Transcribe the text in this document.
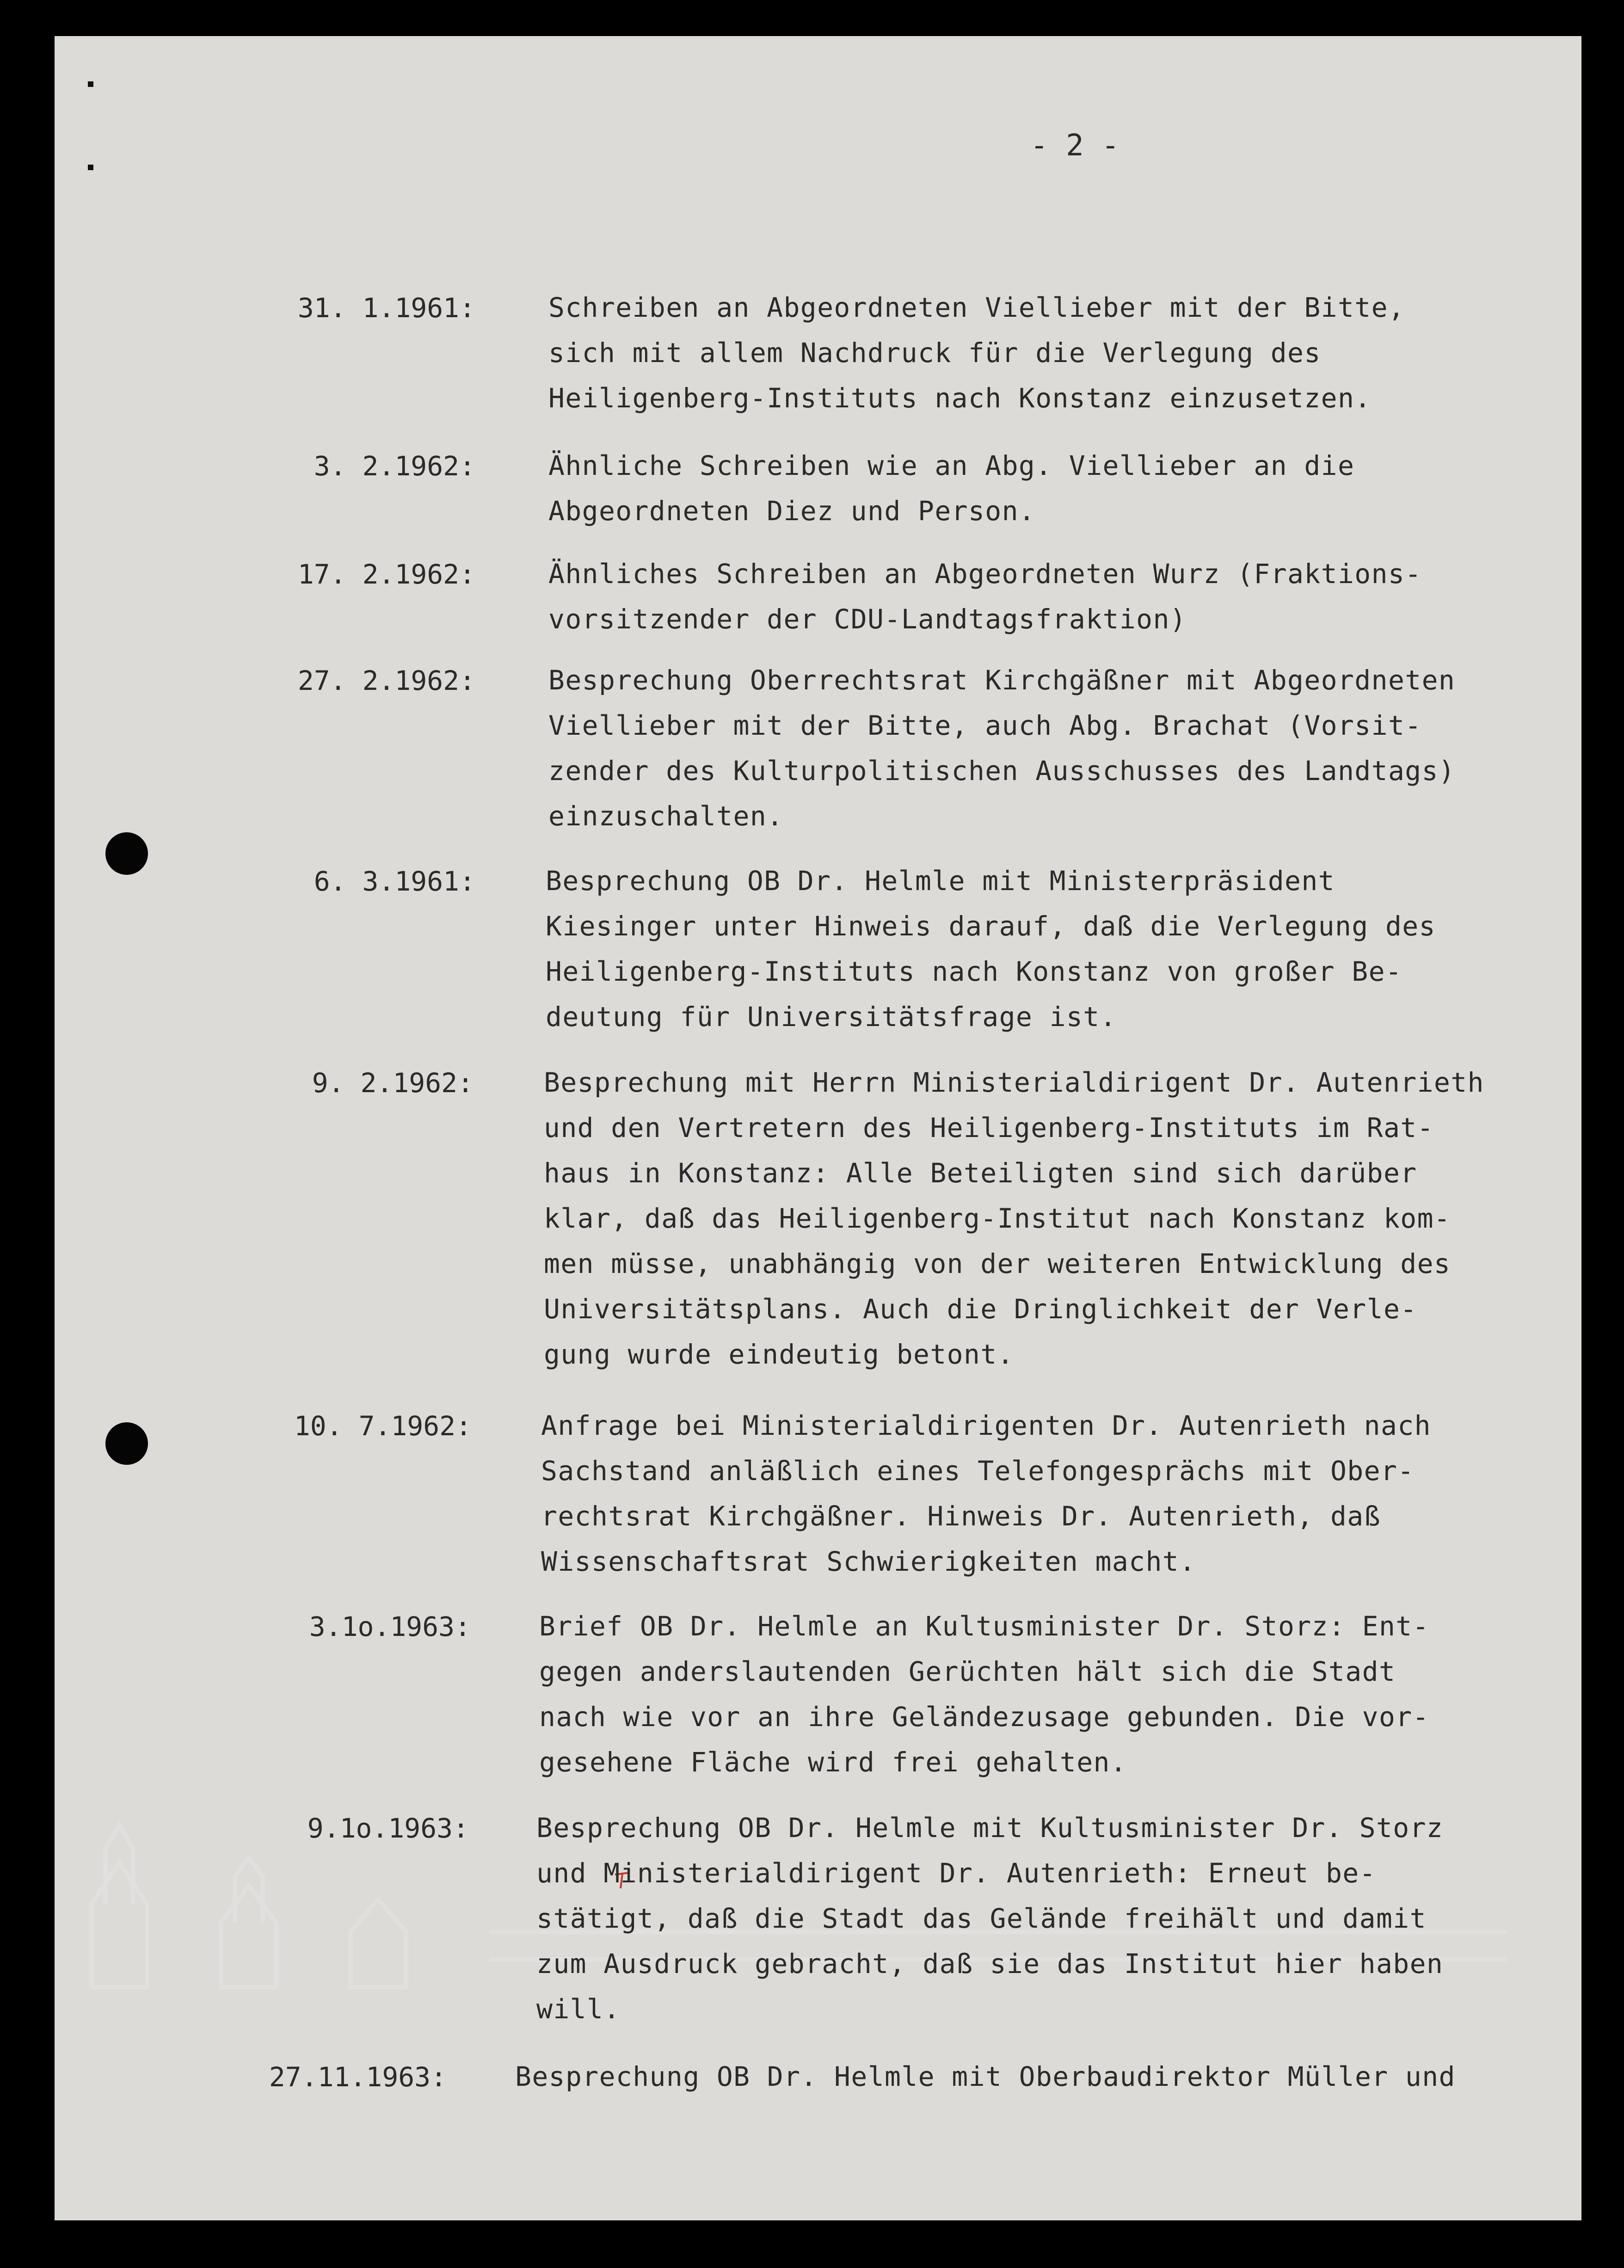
- 2 -
31. 1.1961:	Schreiben an Abgeordneten Viellieber mit der Bitte,
sich mit allem Nachdruck für die Verlegung des
Heiligenberg-Instituts nach Konstanz einzusetzen.
3. 2.1962:	Ähnliche Schreiben wie an Abg. Viellieber an die
Abgeordneten Diez und Person.
17. 2.1962:	Ähnliches Schreiben an Abgeordneten Wurz (Fraktions-
vorsitzender der CDU-Landtagsfraktion)
27. 2.1962:	Besprechung Oberrechtsrat Kirchgäßner mit Abgeordneten
Viellieber mit der Bitte, auch Abg. Brachat (Vorsit-
zender des Kulturpolitischen Ausschusses des Landtags)
einzuschalten.
6. 3.1961:	Besprechung OB Dr. Helmle mit Ministerpräsident
Kiesinger unter Hinweis darauf, daß die Verlegung des
Heiligenberg-Instituts nach Konstanz von großer Be-
deutung für Universitätsfrage ist.
9. 2.1962:	Besprechung mit Herrn Ministerialdirigent Dr. Autenrieth
und den Vertretern des Heiligenberg-Instituts im Rat-
haus in Konstanz: Alle Beteiligten sind sich darüber
klar, daß das Heiligenberg-Institut nach Konstanz kom-
men müsse, unabhängig von der weiteren Entwicklung des
Universitätsplans. Auch die Dringlichkeit der Verle-
gung wurde eindeutig betont.
10. 7.1962:	Anfrage bei Ministerialdirigenten Dr. Autenrieth nach
Sachstand anläßlich eines Telefongesprächs mit Ober-
rechtsrat Kirchgäßner. Hinweis Dr. Autenrieth, daß
Wissenschaftsrat Schwierigkeiten macht.
3.1o.1963:	Brief OB Dr. Helmle an Kultusminister Dr. Storz: Ent-
gegen anderslautenden Gerüchten hält sich die Stadt
nach wie vor an ihre Geländezusage gebunden. Die vor-
gesehene Fläche wird frei gehalten.
9.1o.1963:	Besprechung OB Dr. Helmle mit Kultusminister Dr. Storz
und Ministerialdirigent Dr. Autenrieth: Erneut be-
stätigt, daß die Stadt das Gelände freihält und damit
zum Ausdruck gebracht, daß sie das Institut hier haben
will.
27.11.1963:	Besprechung OB Dr. Helmle mit Oberbaudirektor Müller und
